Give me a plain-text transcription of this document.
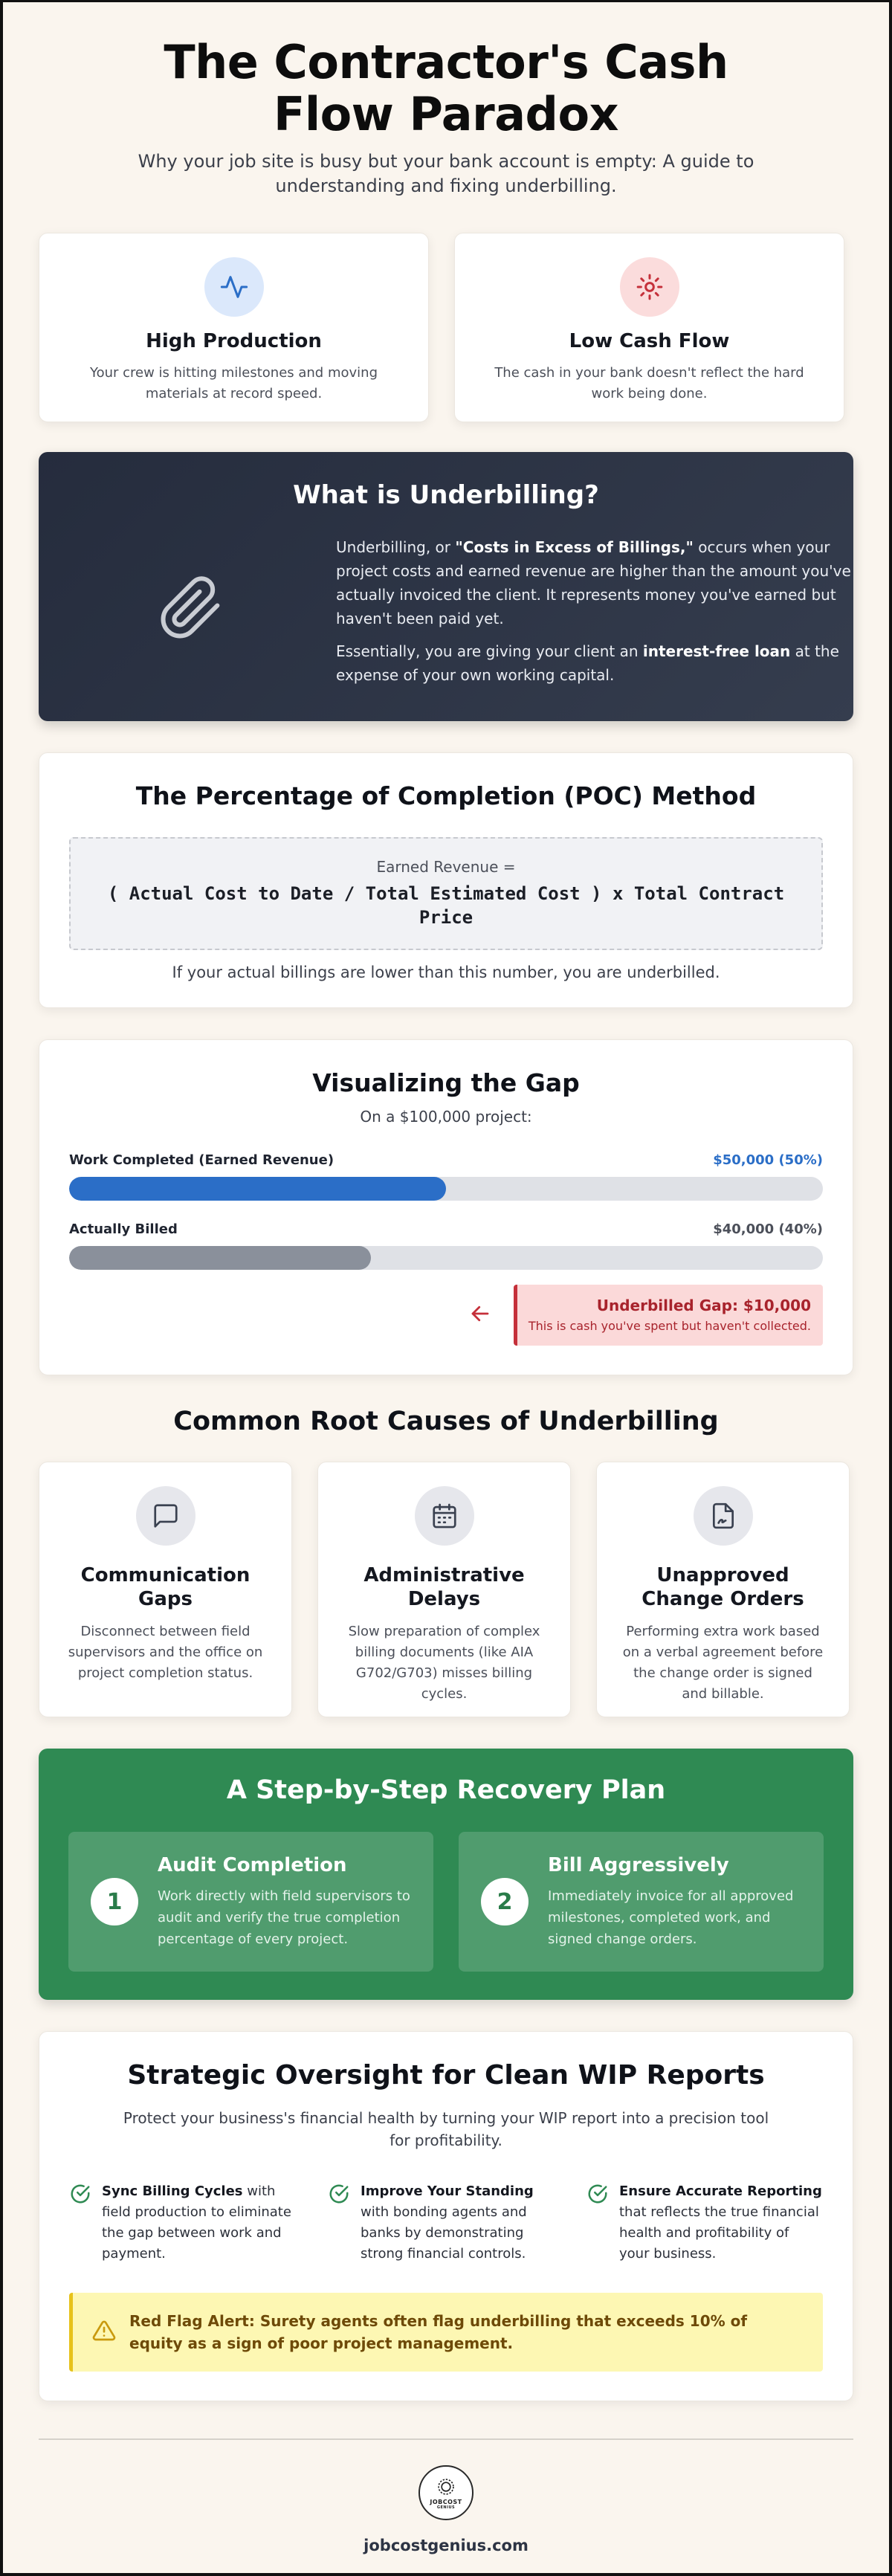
The Contractor's Cash Flow Paradox

Why your job site is busy but your bank account is empty: A guide to understanding and fixing underbilling.

High Production
Your crew is hitting milestones and moving materials at record speed.
Low Cash Flow
The cash in your bank doesn't reflect the hard work being done.
What is Underbilling?

Underbilling, or "Costs in Excess of Billings," occurs when your project costs and earned revenue are higher than the amount you've actually invoiced the client. It represents money you've earned but haven't been paid yet.

Essentially, you are giving your client an interest-free loan at the expense of your own working capital.

The Percentage of Completion (POC) Method
Earned Revenue =
( Actual Cost to Date / Total Estimated Cost ) x Total Contract Price
If your actual billings are lower than this number, you are underbilled.
Visualizing the Gap
On a $100,000 project:
Work Completed (Earned Revenue)	$50,000 (50%)
Actually Billed	$40,000 (40%)
Underbilled Gap: $10,000
This is cash you've spent but haven't collected.
Common Root Causes of Underbilling
Communication Gaps
Disconnect between field supervisors and the office on project completion status.
Administrative Delays
Slow preparation of complex billing documents (like AIA G702/G703) misses billing cycles.
Unapproved Change Orders
Performing extra work based on a verbal agreement before the change order is signed and billable.
A Step-by-Step Recovery Plan
1
Audit Completion
Work directly with field supervisors to audit and verify the true completion percentage of every project.
2
Bill Aggressively
Immediately invoice for all approved milestones, completed work, and signed change orders.
Strategic Oversight for Clean WIP Reports
Protect your business's financial health by turning your WIP report into a precision tool for profitability.
Sync Billing Cycles with field production to eliminate the gap between work and payment.
Improve Your Standing with bonding agents and banks by demonstrating strong financial controls.
Ensure Accurate Reporting that reflects the true financial health and profitability of your business.
Red Flag Alert: Surety agents often flag underbilling that exceeds 10% of equity as a sign of poor project management.
JOBCOST
GENIUS
jobcostgenius.com
